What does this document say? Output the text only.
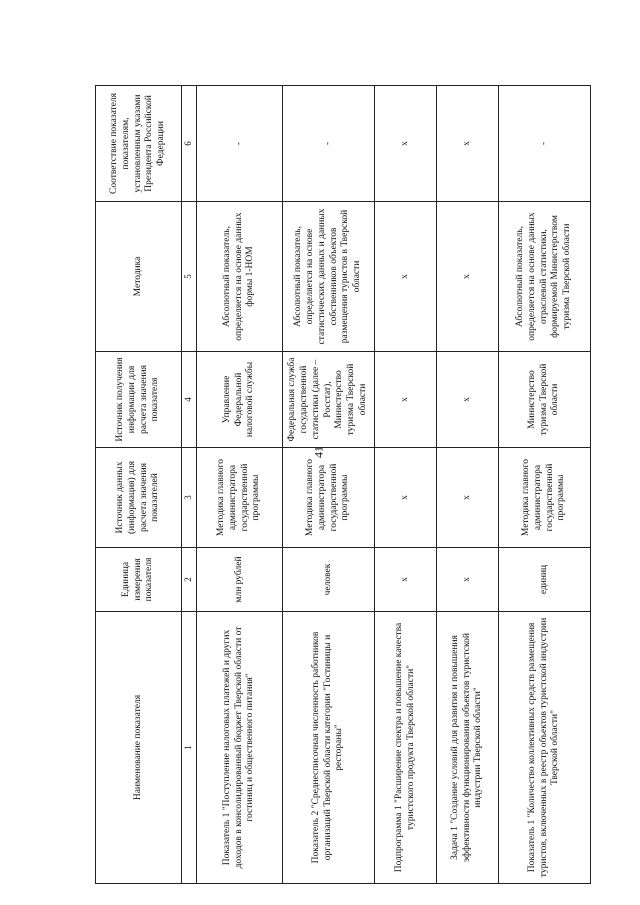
41
Наименование показателя	Единица измерения показателя	Источник данных (информация) для расчета значения показателей	Источник получения информации для расчета значения показателя	Методика	Соответствие показателя показателям, установленным указами Президента Российской Федерации
1	2	3	4	5	6
Показатель 1 "Поступление налоговых платежей и других доходов в консолидированный бюджет Тверской области от гостиниц и общественного питания"	млн рублей	Методика главного администратора государственной программы	Управление Федеральной налоговой службы	Абсолютный показатель, определяется на основе данных формы 1-НОМ	-
Показатель 2 "Среднесписочная численность работников организаций Тверской области категории "Гостиницы и рестораны"	человек	Методика главного администратора государственной программы	Федеральная служба государственной статистики (далее – Росстат), Министерство туризма Тверской области	Абсолютный показатель, определяется на основе статистических данных и данных собственников объектов размещения туристов в Тверской области	-
Подпрограмма 1 "Расширение спектра и повышение качества туристского продукта Тверской области"	х	х	х	х	х
Задача 1 "Создание условий для развития и повышения эффективности функционирования объектов туристской индустрии Тверской области"	х	х	х	х	х
Показатель 1 "Количество коллективных средств размещения туристов, включенных в реестр объектов туристской индустрии Тверской области"	единиц	Методика главного администратора государственной программы	Министерство туризма Тверской области	Абсолютный показатель, определяется на основе данных отраслевой статистики, формируемой Министерством туризма Тверской области	-
